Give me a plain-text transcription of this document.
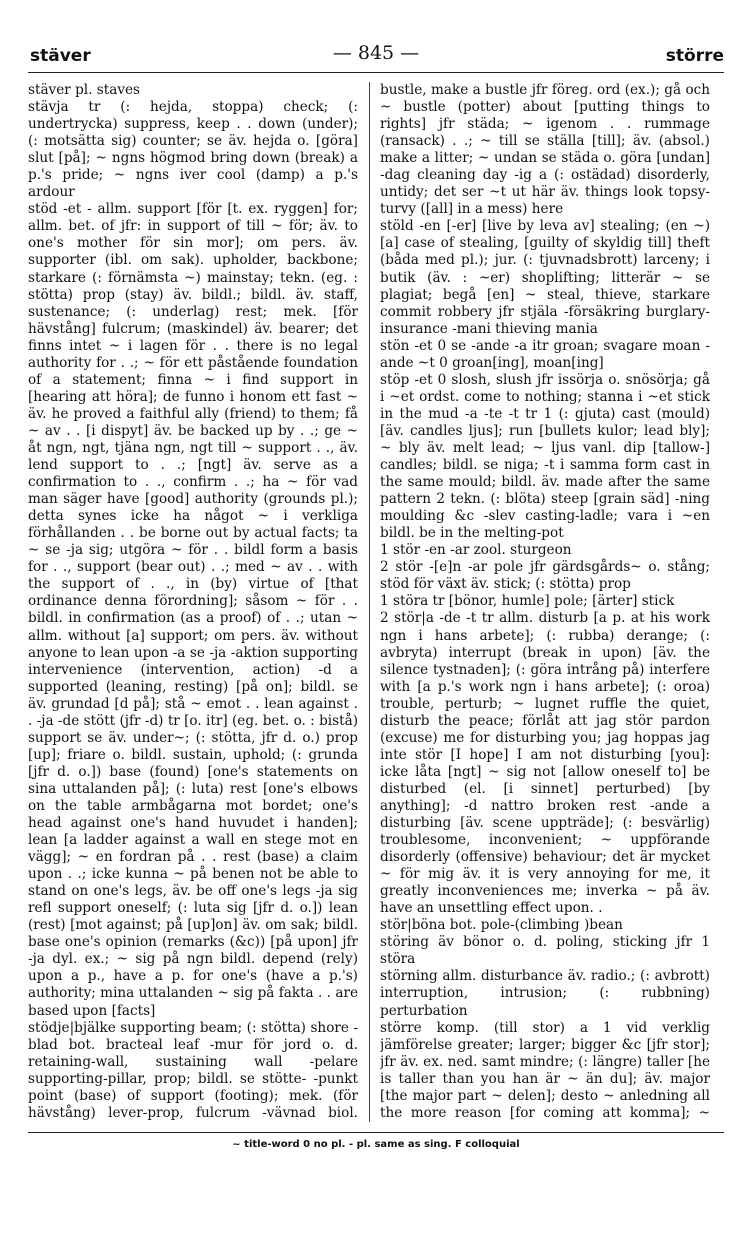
stäver	— 845 —	större

stäver pl. staves

stävja tr (: hejda, stoppa) check; (: undertrycka) suppress, keep . . down (under); (: motsätta sig) counter; se äv. hejda o. [göra] slut [på]; ~ ngns högmod bring down (break) a p.'s pride; ~ ngns iver cool (damp) a p.'s ardour

stöd -et - allm. support [för [t. ex. ryggen] for; allm. bet. of jfr: in support of till ~ för; äv. to one's mother för sin mor]; om pers. äv. supporter (ibl. om sak). upholder, backbone; starkare (: förnämsta ~) mainstay; tekn. (eg. : stötta) prop (stay) äv. bildl.; bildl. äv. staff, sustenance; (: underlag) rest; mek. [för hävstång] fulcrum; (maskindel) äv. bearer; det finns intet ~ i lagen för . . there is no legal authority for . .; ~ för ett påstående foundation of a statement; finna ~ i find support in [hearing att höra]; de funno i honom ett fast ~ äv. he proved a faithful ally (friend) to them; få ~ av . . [i dispyt] äv. be backed up by . .; ge ~ åt ngn, ngt, tjäna ngn, ngt till ~ support . ., äv. lend support to . .; [ngt] äv. serve as a confirmation to . ., confirm . .; ha ~ för vad man säger have [good] authority (grounds pl.); detta synes icke ha något ~ i verkliga förhållanden . . be borne out by actual facts; ta ~ se -ja sig; utgöra ~ för . . bildl form a basis for . ., support (bear out) . .; med ~ av . . with the support of . ., in (by) virtue of [that ordinance denna förordning]; såsom ~ för . . bildl. in confirmation (as a proof) of . .; utan ~ allm. without [a] support; om pers. äv. without anyone to lean upon -a se -ja -aktion supporting intervenience (intervention, action) -d a supported (leaning, resting) [på on]; bildl. se äv. grundad [d på]; stå ~ emot . . lean against . . -ja -de stött (jfr -d) tr [o. itr] (eg. bet. o. : bistå) support se äv. under~; (: stötta, jfr d. o.) prop [up]; friare o. bildl. sustain, uphold; (: grunda [jfr d. o.]) base (found) [one's statements on sina uttalanden på]; (: luta) rest [one's elbows on the table armbågarna mot bordet; one's head against one's hand huvudet i handen]; lean [a ladder against a wall en stege mot en vägg]; ~ en fordran på . . rest (base) a claim upon . .; icke kunna ~ på benen not be able to stand on one's legs, äv. be off one's legs -ja sig refl support oneself; (: luta sig [jfr d. o.]) lean (rest) [mot against; på [up]on] äv. om sak; bildl. base one's opinion (remarks (&c)) [på upon] jfr -ja dyl. ex.; ~ sig på ngn bildl. depend (rely) upon a p., have a p. for one's (have a p.'s) authority; mina uttalanden ~ sig på fakta . . are based upon [facts]

stödje|bjälke supporting beam; (: stötta) shore -blad bot. bracteal leaf -mur för jord o. d. retaining-wall, sustaining wall -pelare supporting-pillar, prop; bildl. se stötte- -punkt point (base) of support (footing); mek. (för hävstång) lever-prop, fulcrum -vävnad biol.

bustle, make a bustle jfr föreg. ord (ex.); gå och ~ bustle (potter) about [putting things to rights] jfr städa; ~ igenom . . rummage (ransack) . .; ~ till se ställa [till]; äv. (absol.) make a litter; ~ undan se städa o. göra [undan] -dag cleaning day -ig a (: ostädad) disorderly, untidy; det ser ~t ut här äv. things look topsy-turvy ([all] in a mess) here

stöld -en [-er] [live by leva av] stealing; (en ~) [a] case of stealing, [guilty of skyldig till] theft (båda med pl.); jur. (: tjuvnadsbrott) larceny; i butik (äv. : ~er) shoplifting; litterär ~ se plagiat; begå [en] ~ steal, thieve, starkare commit robbery jfr stjäla -försäkring burglary-insurance -mani thieving mania

stön -et 0 se -ande -a itr groan; svagare moan -ande ~t 0 groan[ing], moan[ing]

stöp -et 0 slosh, slush jfr issörja o. snösörja; gå i ~et ordst. come to nothing; stanna i ~et stick in the mud -a -te -t tr 1 (: gjuta) cast (mould) [äv. candles ljus]; run [bullets kulor; lead bly]; ~ bly äv. melt lead; ~ ljus vanl. dip [tallow-] candles; bildl. se niga; -t i samma form cast in the same mould; bildl. äv. made after the same pattern 2 tekn. (: blöta) steep [grain säd] -ning moulding &c -slev casting-ladle; vara i ~en bildl. be in the melting-pot

1 stör -en -ar zool. sturgeon

2 stör -[e]n -ar pole jfr gärdsgårds~ o. stång; stöd för växt äv. stick; (: stötta) prop

1 störa tr [bönor, humle] pole; [ärter] stick

2 stör|a -de -t tr allm. disturb [a p. at his work ngn i hans arbete]; (: rubba) derange; (: avbryta) interrupt (break in upon) [äv. the silence tystnaden]; (: göra intrång på) interfere with [a p.'s work ngn i hans arbete]; (: oroa) trouble, perturb; ~ lugnet ruffle the quiet, disturb the peace; förlåt att jag stör pardon (excuse) me for disturbing you; jag hoppas jag inte stör [I hope] I am not disturbing [you]: icke låta [ngt] ~ sig not [allow oneself to] be disturbed (el. [i sinnet] perturbed) [by anything]; -d nattro broken rest -ande a disturbing [äv. scene uppträde]; (: besvärlig) troublesome, inconvenient; ~ uppförande disorderly (offensive) behaviour; det är mycket ~ för mig äv. it is very annoying for me, it greatly inconveniences me; inverka ~ på äv. have an unsettling effect upon. .

stör|böna bot. pole-(climbing )bean

störing äv bönor o. d. poling, sticking jfr 1 störa

störning allm. disturbance äv. radio.; (: avbrott) interruption, intrusion; (: rubbning) perturbation

större komp. (till stor) a 1 vid verklig jämförelse greater; larger; bigger &c [jfr stor]; jfr äv. ex. ned. samt mindre; (: längre) taller [he is taller than you han är ~ än du]; äv. major [the major part ~ delen]; desto ~ anledning all the more reason [for coming att komma]; ~

~ title-word 0 no pl. - pl. same as sing. F colloquial
